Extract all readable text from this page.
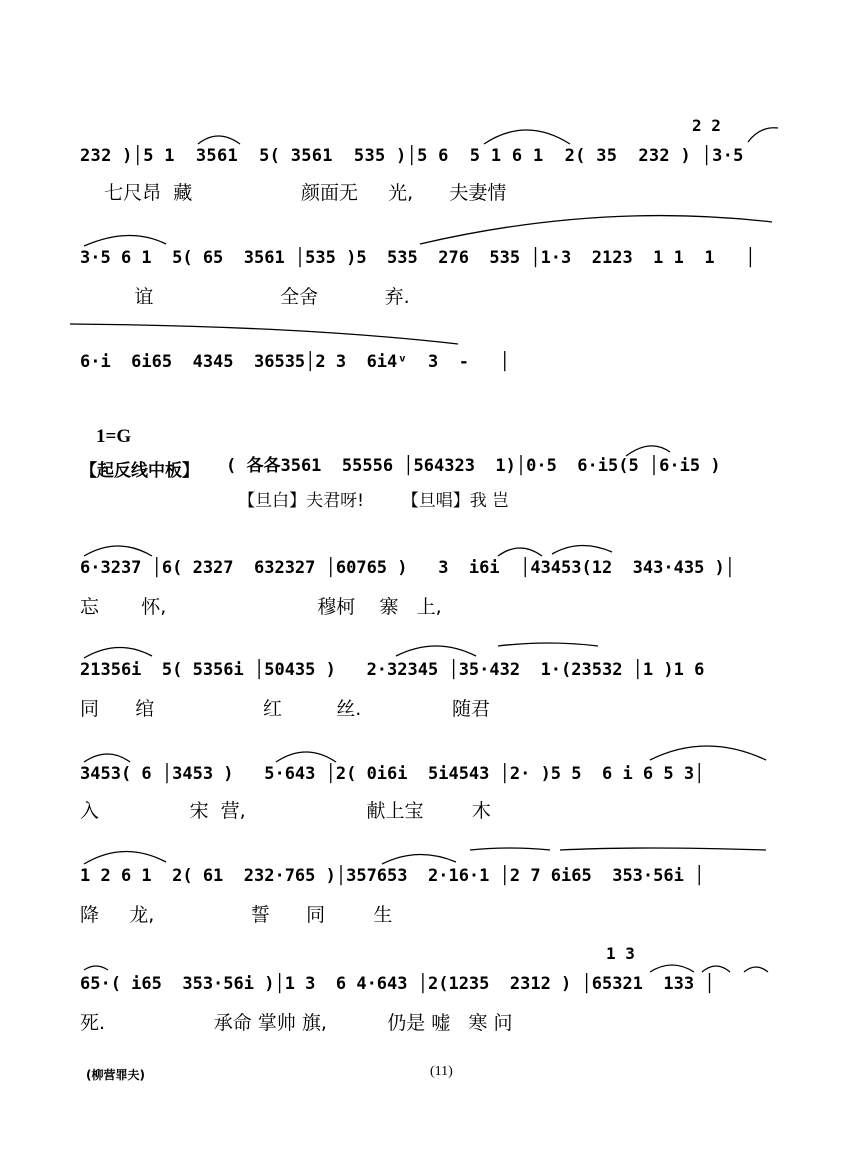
2 2
232 )│5 1  3561  5( 3561  535 )│5 6  5 1 6 1  2( 35  232 ) │3·5
七尺昂  藏                  颜面无     光,      夫妻情
3·5 6 1  5( 65  3561 │535 )5  535  276  535 │1·3  2123  1 1  1   │
谊                     全舍           弃.
6·i  6i65  4345  36535│2 3  6i4ᵛ  3  -   │
1=G
【起反线中板】 ( 各各3561  55556 │564323  1)│0·5  6·i5(5 │6·i5 )
【旦白】夫君呀!       【旦唱】我 岂
6·3237 │6( 2327  632327 │60765 )   3  i6i  │43453(12  343·435 )│
忘       怀,                         穆柯    寨   上,
21356i  5( 5356i │50435 )   2·32345 │35·432  1·(23532 │1 )1 6
同      绾                  红         丝.               随君
3453( 6 │3453 )   5·643 │2( 0i6i  5i4543 │2· )5 5  6 i 6 5 3│
入               宋  营,                    献上宝        木
1 2 6 1  2( 61  232·765 )│357653  2·16·1 │2 7 6i65  353·56i │
降     龙,                誓      同        生
1 3
65·( i65  353·56i )│1 3  6 4·643 │2(1235  2312 ) │65321  133 │
死.                  承命 掌帅 旗,          仍是 嘘   寒 问
(柳营罪夫)	(11)
